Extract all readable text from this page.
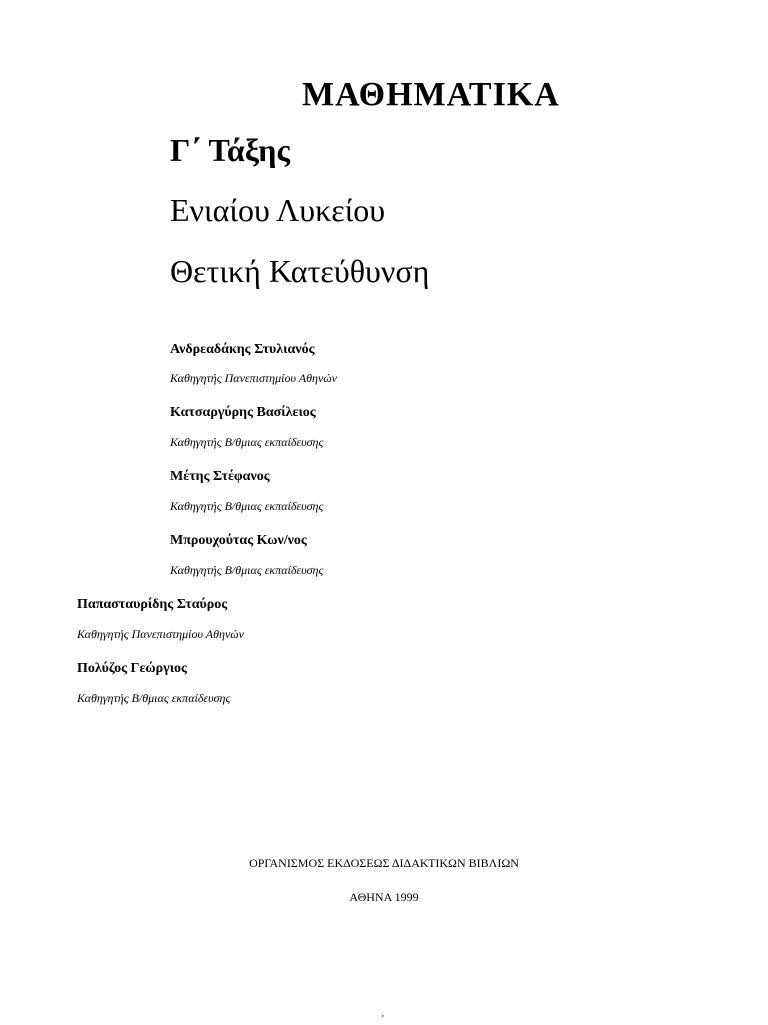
ΜΑΘΗΜΑΤΙΚΑ
Γ΄ Τάξης
Ενιαίου Λυκείου
Θετική Κατεύθυνση
Ανδρεαδάκης Στυλιανός
Καθηγητής Πανεπιστημίου Αθηνών
Κατσαργύρης Βασίλειος
Καθηγητής Β/θμιας εκπαίδευσης
Μέτης Στέφανος
Καθηγητής Β/θμιας εκπαίδευσης
Μπρουχούτας Κων/νος
Καθηγητής Β/θμιας εκπαίδευσης
Παπασταυρίδης Σταύρος
Καθηγητής Πανεπιστημίου Αθηνών
Πολύζος Γεώργιος
Καθηγητής Β/θμιας εκπαίδευσης
ΟΡΓΑΝΙΣΜΟΣ ΕΚΔΟΣΕΩΣ ΔΙΔΑΚΤΙΚΩΝ ΒΙΒΛΙΩΝ
ΑΘΗΝΑ 1999
'
